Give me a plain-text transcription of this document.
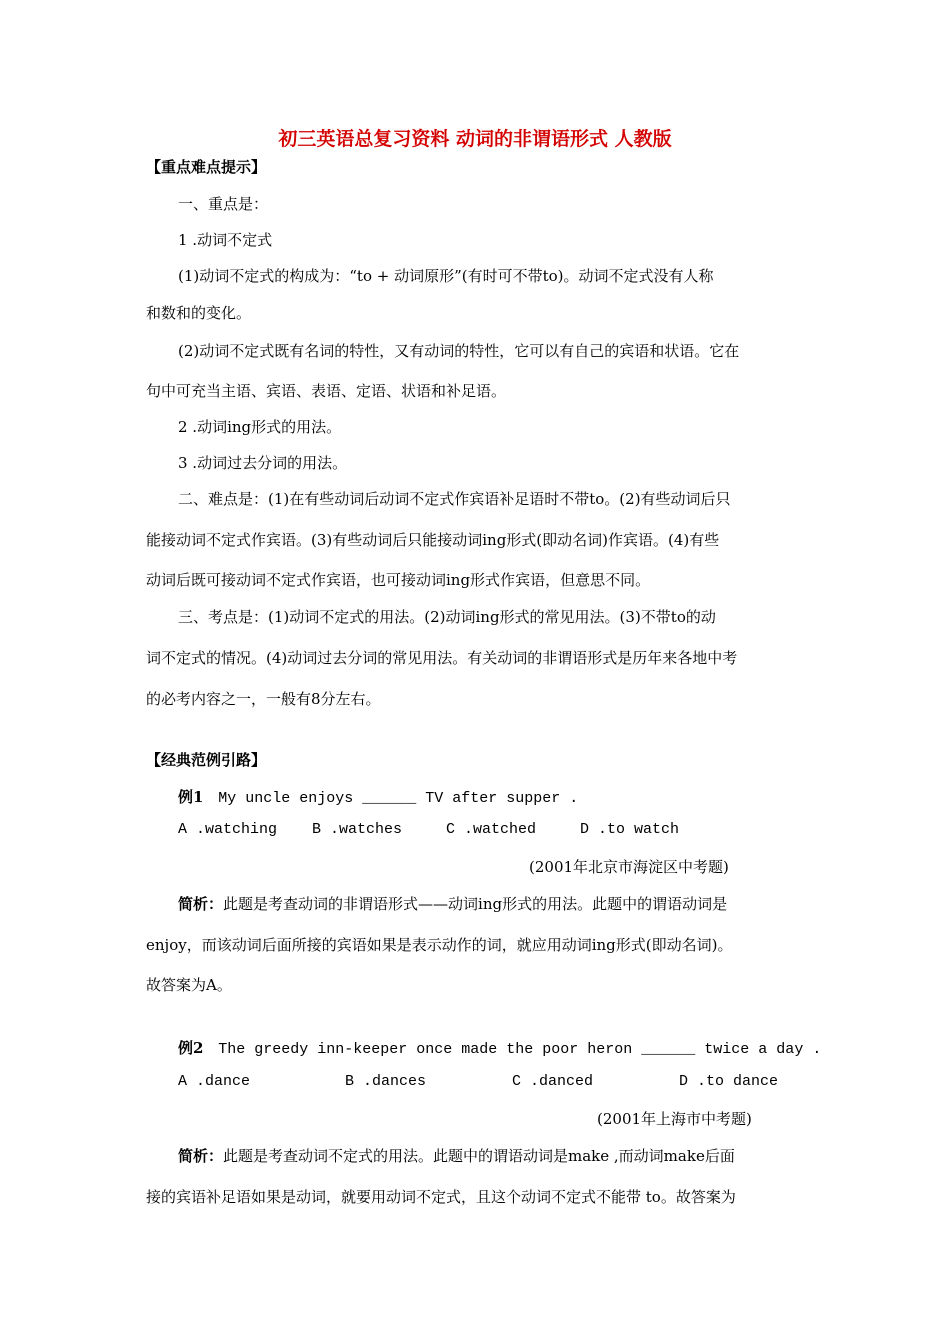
初三英语总复习资料 动词的非谓语形式 人教版
【重点难点提示】
一、重点是：
1 .动词不定式
(1)动词不定式的构成为：“to + 动词原形”(有时可不带to)。动词不定式没有人称
和数和的变化。
(2)动词不定式既有名词的特性，又有动词的特性，它可以有自己的宾语和状语。它在
句中可充当主语、宾语、表语、定语、状语和补足语。
2 .动词ing形式的用法。
3 .动词过去分词的用法。
二、难点是：(1)在有些动词后动词不定式作宾语补足语时不带to。(2)有些动词后只
能接动词不定式作宾语。(3)有些动词后只能接动词ing形式(即动名词)作宾语。(4)有些
动词后既可接动词不定式作宾语，也可接动词ing形式作宾语，但意思不同。
三、考点是：(1)动词不定式的用法。(2)动词ing形式的常见用法。(3)不带to的动
词不定式的情况。(4)动词过去分词的常见用法。有关动词的非谓语形式是历年来各地中考
的必考内容之一，一般有8分左右。
【经典范例引路】
例1 My uncle enjoys ______ TV after supper .
A .watching B .watches	C .watched	D .to watch
(2001年北京市海淀区中考题)
简析：此题是考查动词的非谓语形式——动词ing形式的用法。此题中的谓语动词是
enjoy，而该动词后面所接的宾语如果是表示动作的词，就应用动词ing形式(即动名词)。
故答案为A。
例2 The greedy inn-keeper once made the poor heron ______ twice a day .
A .dance	B .dances	C .danced	D .to dance
(2001年上海市中考题)
简析：此题是考查动词不定式的用法。此题中的谓语动词是make ,而动词make后面
接的宾语补足语如果是动词，就要用动词不定式，且这个动词不定式不能带 to。故答案为
